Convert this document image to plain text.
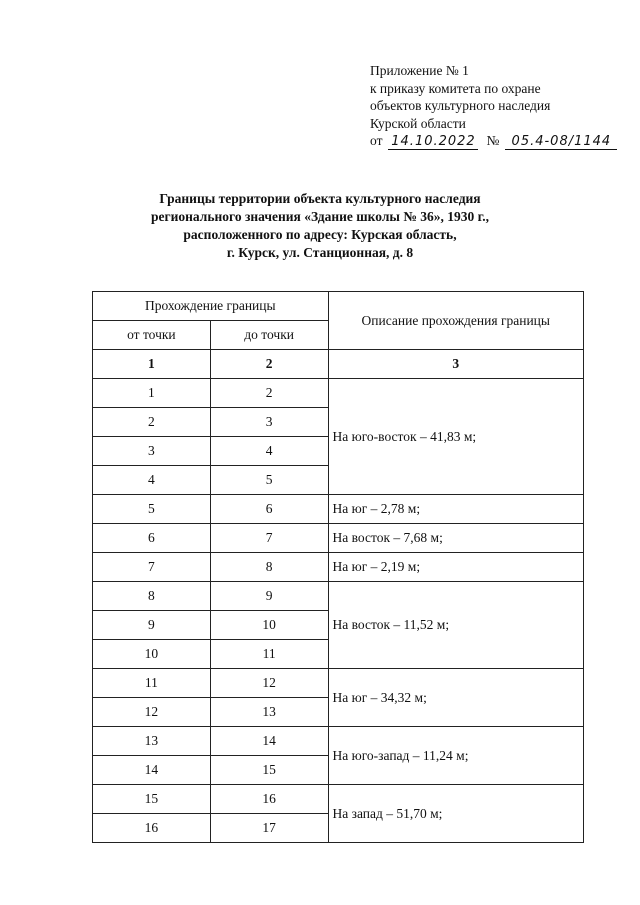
Приложение № 1
к приказу комитета по охране
объектов культурного наследия
Курской области
от 14.10.2022 № 05.4-08/1144
Границы территории объекта культурного наследия
регионального значения «Здание школы № 36», 1930 г.,
расположенного по адресу: Курская область,
г. Курск, ул. Станционная, д. 8
Прохождение границы		Описание прохождения границы
от точки	до точки	
1	2	3
1	2	На юго-восток – 41,83 м;
2	3	
3	4	
4	5	
5	6	На юг – 2,78 м;
6	7	На восток – 7,68 м;
7	8	На юг – 2,19 м;
8	9	На восток – 11,52 м;
9	10	
10	11	
11	12	На юг – 34,32 м;
12	13	
13	14	На юго-запад – 11,24 м;
14	15	
15	16	На запад – 51,70 м;
16	17	
